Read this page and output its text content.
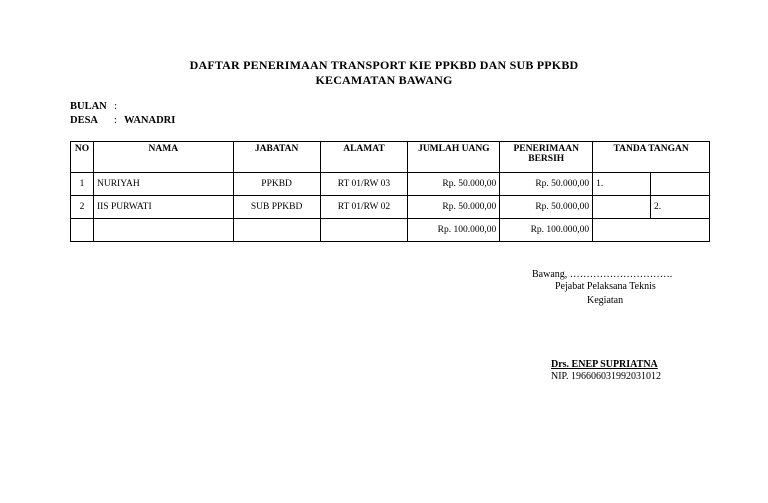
DAFTAR PENERIMAAN TRANSPORT KIE PPKBD DAN SUB PPKBD
KECAMATAN BAWANG
BULAN :
DESA : WANADRI
NO	NAMA	JABATAN	ALAMAT	JUMLAH UANG	PENERIMAAN
BERSIH	TANDA TANGAN	
1	NURIYAH	PPKBD	RT 01/RW 03	Rp. 50.000,00	Rp. 50.000,00	1.	
2	IIS PURWATI	SUB PPKBD	RT 01/RW 02	Rp. 50.000,00	Rp. 50.000,00		2.
				Rp. 100.000,00	Rp. 100.000,00		
Bawang, ………………………….
Pejabat Pelaksana Teknis
Kegiatan
Drs. ENEP SUPRIATNA
NIP. 196606031992031012
